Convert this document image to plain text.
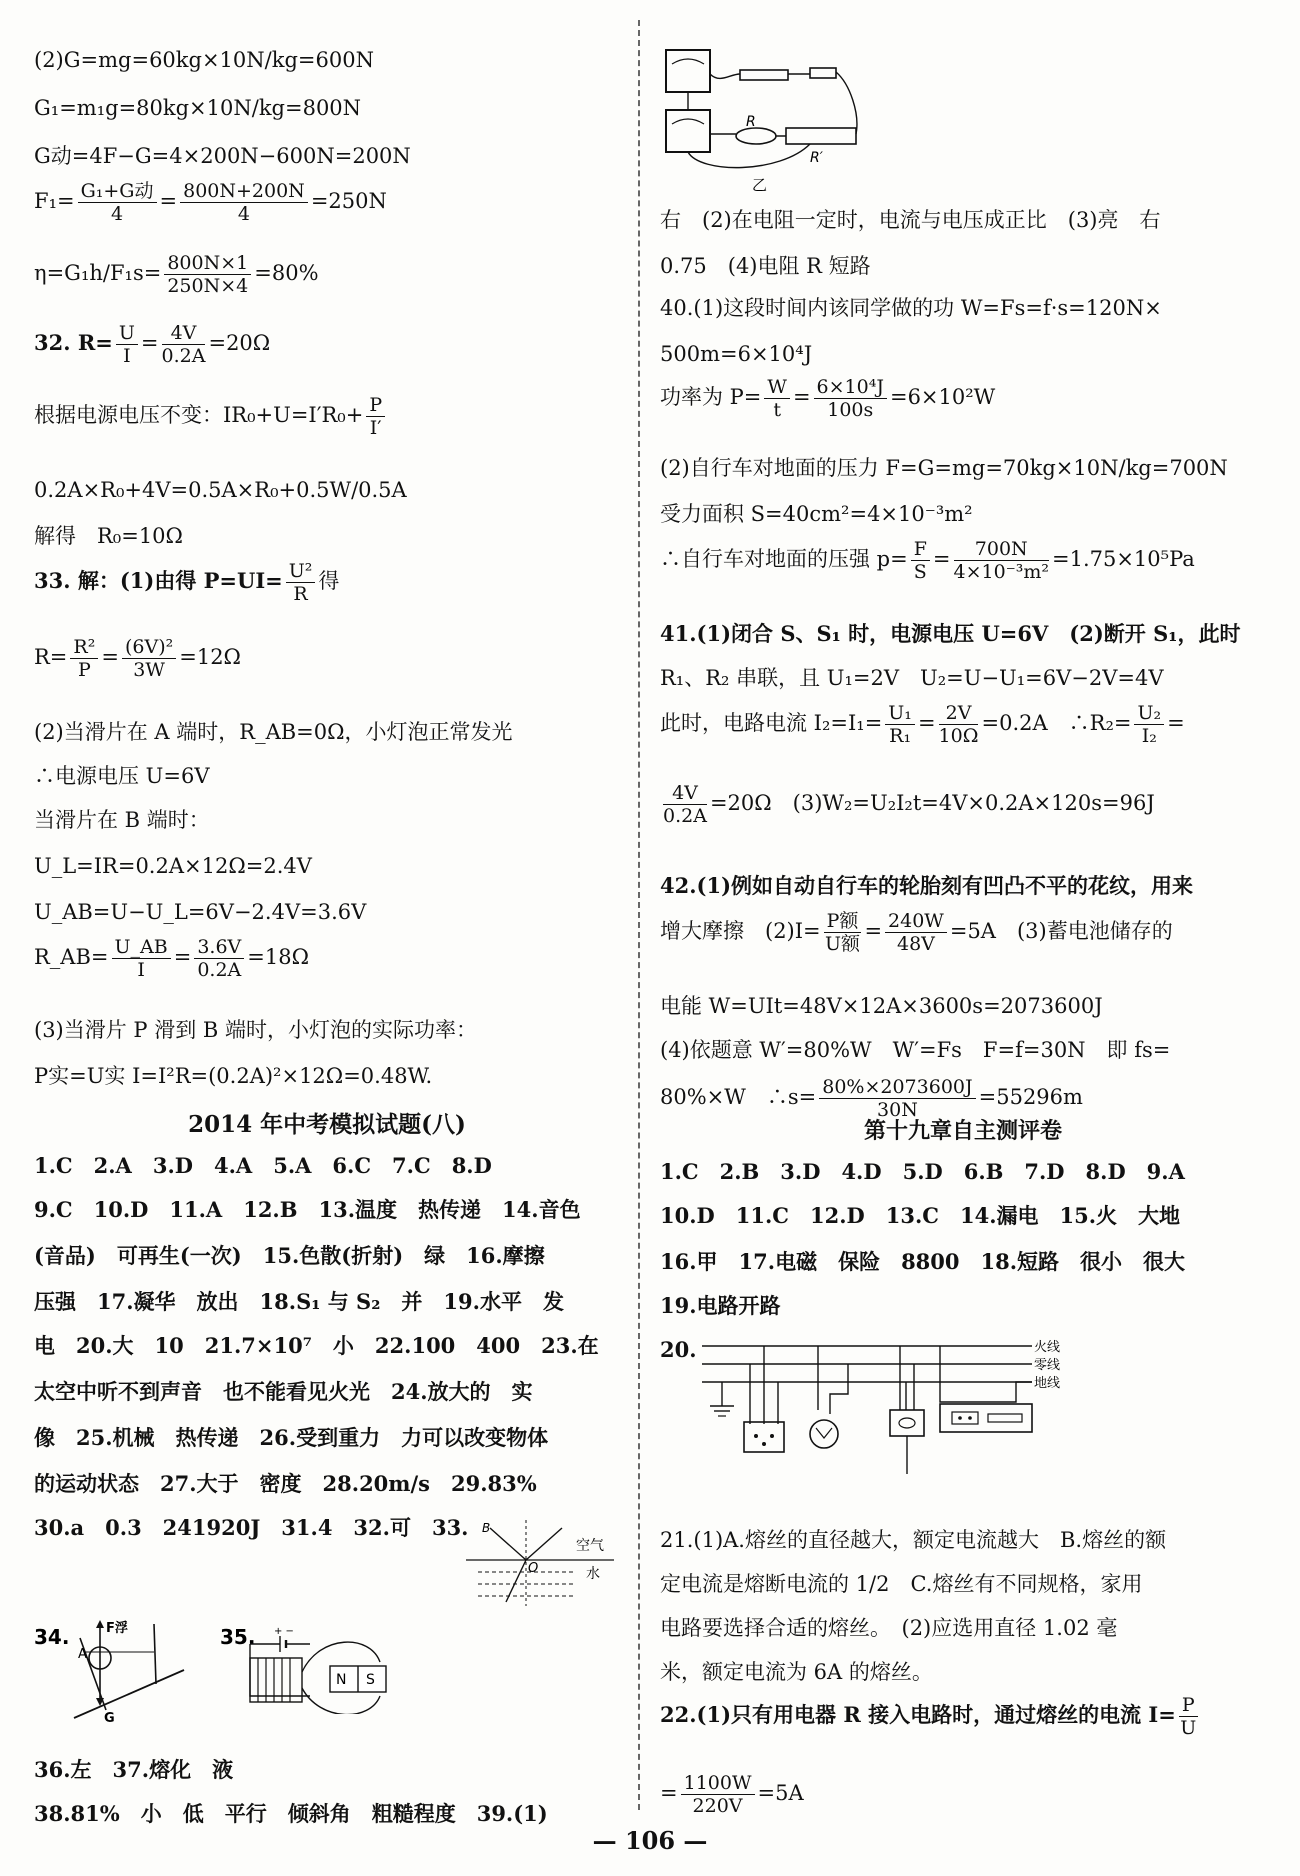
(2)G=mg=60kg×10N/kg=600N
G₁=m₁g=80kg×10N/kg=800N
G动=4F−G=4×200N−600N=200N
$F_1= \frac{\text{G₁+G动}}{4} = \frac{800N+200N}{4} =250N$
$\eta=G_1h/F_1s= \frac{800N\times 1}{250N\times 4} =80\%$
32. $R= \frac{U}{I} = \frac{4V}{0.2A} =20\Omega$
根据电源电压不变：$IR_0+U=I'R_0+ \frac{P}{I'}$
0.2A×R₀+4V=0.5A×R₀+0.5W/0.5A
解得　R₀=10Ω
33. 解：(1)由得 $P=UI= \frac{\text{U²}}{R}$ 得
$R= \frac{\text{R²}}{P} = \frac{\text{(6V)²}}{3W} =12\Omega$
(2)当滑片在 A 端时，R_AB=0Ω，小灯泡正常发光
∴电源电压 U=6V
当滑片在 B 端时：
U_L=IR=0.2A×12Ω=2.4V
U_AB=U−U_L=6V−2.4V=3.6V
R_AB= $\frac{U\_AB}{I} = \frac{3.6V}{0.2A} =18\Omega$
(3)当滑片 P 滑到 B 端时，小灯泡的实际功率：
P实=U实 I=I²R=(0.2A)²×12Ω=0.48W.
2014 年中考模拟试题(八)
1.C　2.A　3.D　4.A　5.A　6.C　7.C　8.D
9.C　10.D　11.A　12.B　13.温度　热传递　14.音色
(音品)　可再生(一次)　15.色散(折射)　绿　16.摩擦
压强　17.凝华　放出　18.S₁ 与 S₂　并　19.水平　发
电　20.大　10　21.7×10⁷　小　22.100　400　23.在
太空中听不到声音　也不能看见火光　24.放大的　实
像　25.机械　热传递　26.受到重力　力可以改变物体
的运动状态　27.大于　密度　28.20m/s　29.83%
30.a　0.3　241920J　31.4　32.可　33. B
O
空气
水
34.	F浮
A
G
35. + −
N S
36.左　37.熔化　液
38.81%　小　低　平行　倾斜角　粗糙程度　39.(1)
R
R′
乙
右　(2)在电阻一定时，电流与电压成正比　(3)亮　右
0.75　(4)电阻 R 短路
40.(1)这段时间内该同学做的功 W=Fs=f·s=120N×
500m=6×10⁴J
功率为 $P= \frac{W}{t} = \frac{\text{6×10⁴J}}{100s} =6\times 10^2W$
(2)自行车对地面的压力 F=G=mg=70kg×10N/kg=700N
受力面积 S=40cm²=4×10⁻³m²
∴自行车对地面的压强 $p= \frac{F}{S} = \frac{700N}{\text{4×10⁻³m²}} =1.75\times 10^5Pa$
41.(1)闭合 S、S₁ 时，电源电压 U=6V　(2)断开 S₁，此时
R₁、R₂ 串联，且 U₁=2V　U₂=U−U₁=6V−2V=4V
此时，电路电流 $I_2=I_1= \frac{\text{U₁}}{\text{R₁}} = \frac{2V}{10\Omega} =0.2A$　∴R₂= $\frac{\text{U₂}}{\text{I₂}}$ =
$\frac{4V}{0.2A} =20\Omega$　(3)W₂=U₂I₂t=4V×0.2A×120s=96J
42.(1)例如自动自行车的轮胎刻有凹凸不平的花纹，用来
增大摩擦　$(2)I= \frac{\text{P额}}{\text{U额}} = \frac{240W}{48V} =5A$　(3)蓄电池储存的
电能 W=UIt=48V×12A×3600s=2073600J
(4)依题意 W′=80%W　W′=Fs　F=f=30N　即 fs=
80%×W　∴s= $\frac{80\%\times 2073600J}{30N} =55296m$
第十九章自主测评卷
1.C　2.B　3.D　4.D　5.D　6.B　7.D　8.D　9.A
10.D　11.C　12.D　13.C　14.漏电　15.火　大地
16.甲　17.电磁　保险　8800　18.短路　很小　很大
19.电路开路
20.	火线
零线
地线
21.(1)A.熔丝的直径越大，额定电流越大　B.熔丝的额
定电流是熔断电流的 1/2　C.熔丝有不同规格，家用
电路要选择合适的熔丝。　(2)应选用直径 1.02 毫
米，额定电流为 6A 的熔丝。
22.(1)只有用电器 R 接入电路时，通过熔丝的电流 $I= \frac{P}{U}$
= $\frac{1100W}{220V} =5A$
— 106 —
